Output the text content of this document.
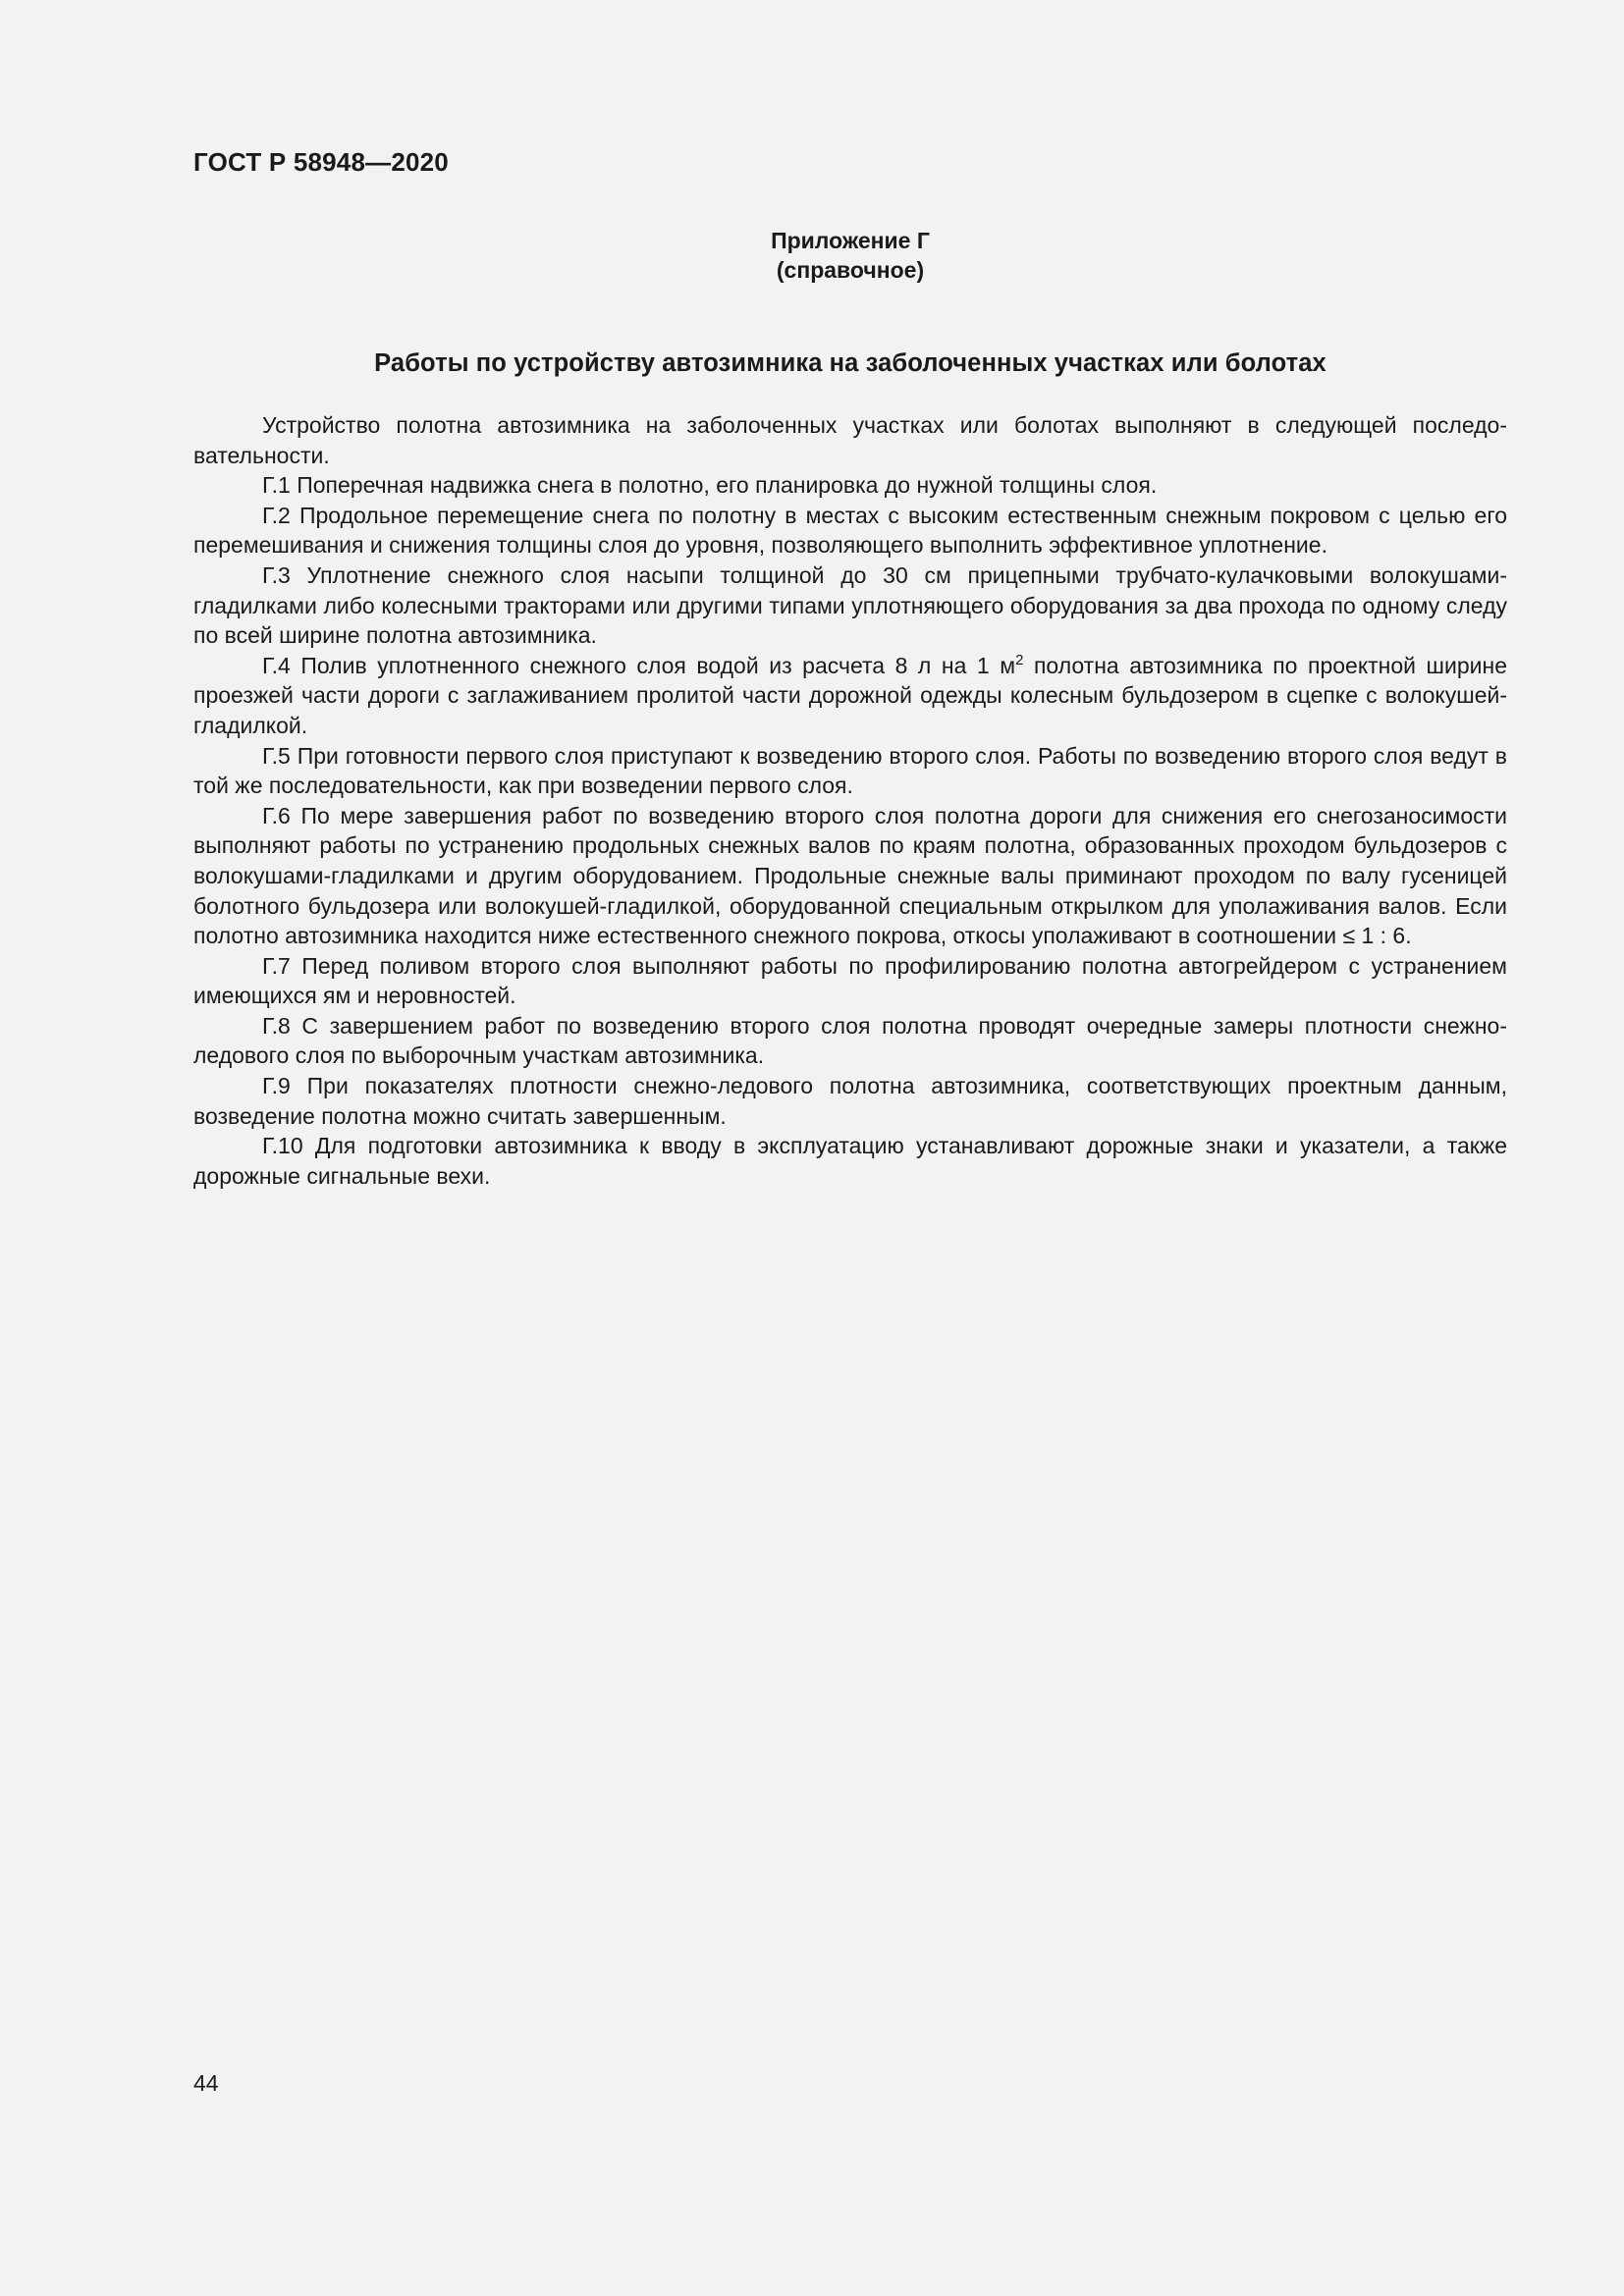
ГОСТ Р 58948—2020
Приложение Г
(справочное)
Работы по устройству автозимника на заболоченных участках или болотах

Устройство полотна автозимника на заболоченных участках или болотах выполняют в следующей последовательности.

Г.1 Поперечная надвижка снега в полотно, его планировка до нужной толщины слоя.

Г.2 Продольное перемещение снега по полотну в местах с высоким естественным снежным покровом с целью его перемешивания и снижения толщины слоя до уровня, позволяющего выполнить эффективное уплотнение.

Г.3 Уплотнение снежного слоя насыпи толщиной до 30 см прицепными трубчато-кулачковыми волокушами-гладилками либо колесными тракторами или другими типами уплотняющего оборудования за два прохода по одному следу по всей ширине полотна автозимника.

Г.4 Полив уплотненного снежного слоя водой из расчета 8 л на 1 $м^2$ полотна автозимника по проектной ширине проезжей части дороги с заглаживанием пролитой части дорожной одежды колесным бульдозером в сцепке с волокушей-гладилкой.

Г.5 При готовности первого слоя приступают к возведению второго слоя. Работы по возведению второго слоя ведут в той же последовательности, как при возведении первого слоя.

Г.6 По мере завершения работ по возведению второго слоя полотна дороги для снижения его снегозаносимости выполняют работы по устранению продольных снежных валов по краям полотна, образованных проходом бульдозеров с волокушами-гладилками и другим оборудованием. Продольные снежные валы приминают проходом по валу гусеницей болотного бульдозера или волокушей-гладилкой, оборудованной специальным открылком для уполаживания валов. Если полотно автозимника находится ниже естественного снежного покрова, откосы уполаживают в соотношении ≤ 1 : 6.

Г.7 Перед поливом второго слоя выполняют работы по профилированию полотна автогрейдером с устранением имеющихся ям и неровностей.

Г.8 С завершением работ по возведению второго слоя полотна проводят очередные замеры плотности снежно-ледового слоя по выборочным участкам автозимника.

Г.9 При показателях плотности снежно-ледового полотна автозимника, соответствующих проектным данным, возведение полотна можно считать завершенным.

Г.10 Для подготовки автозимника к вводу в эксплуатацию устанавливают дорожные знаки и указатели, а также дорожные сигнальные вехи.

44
